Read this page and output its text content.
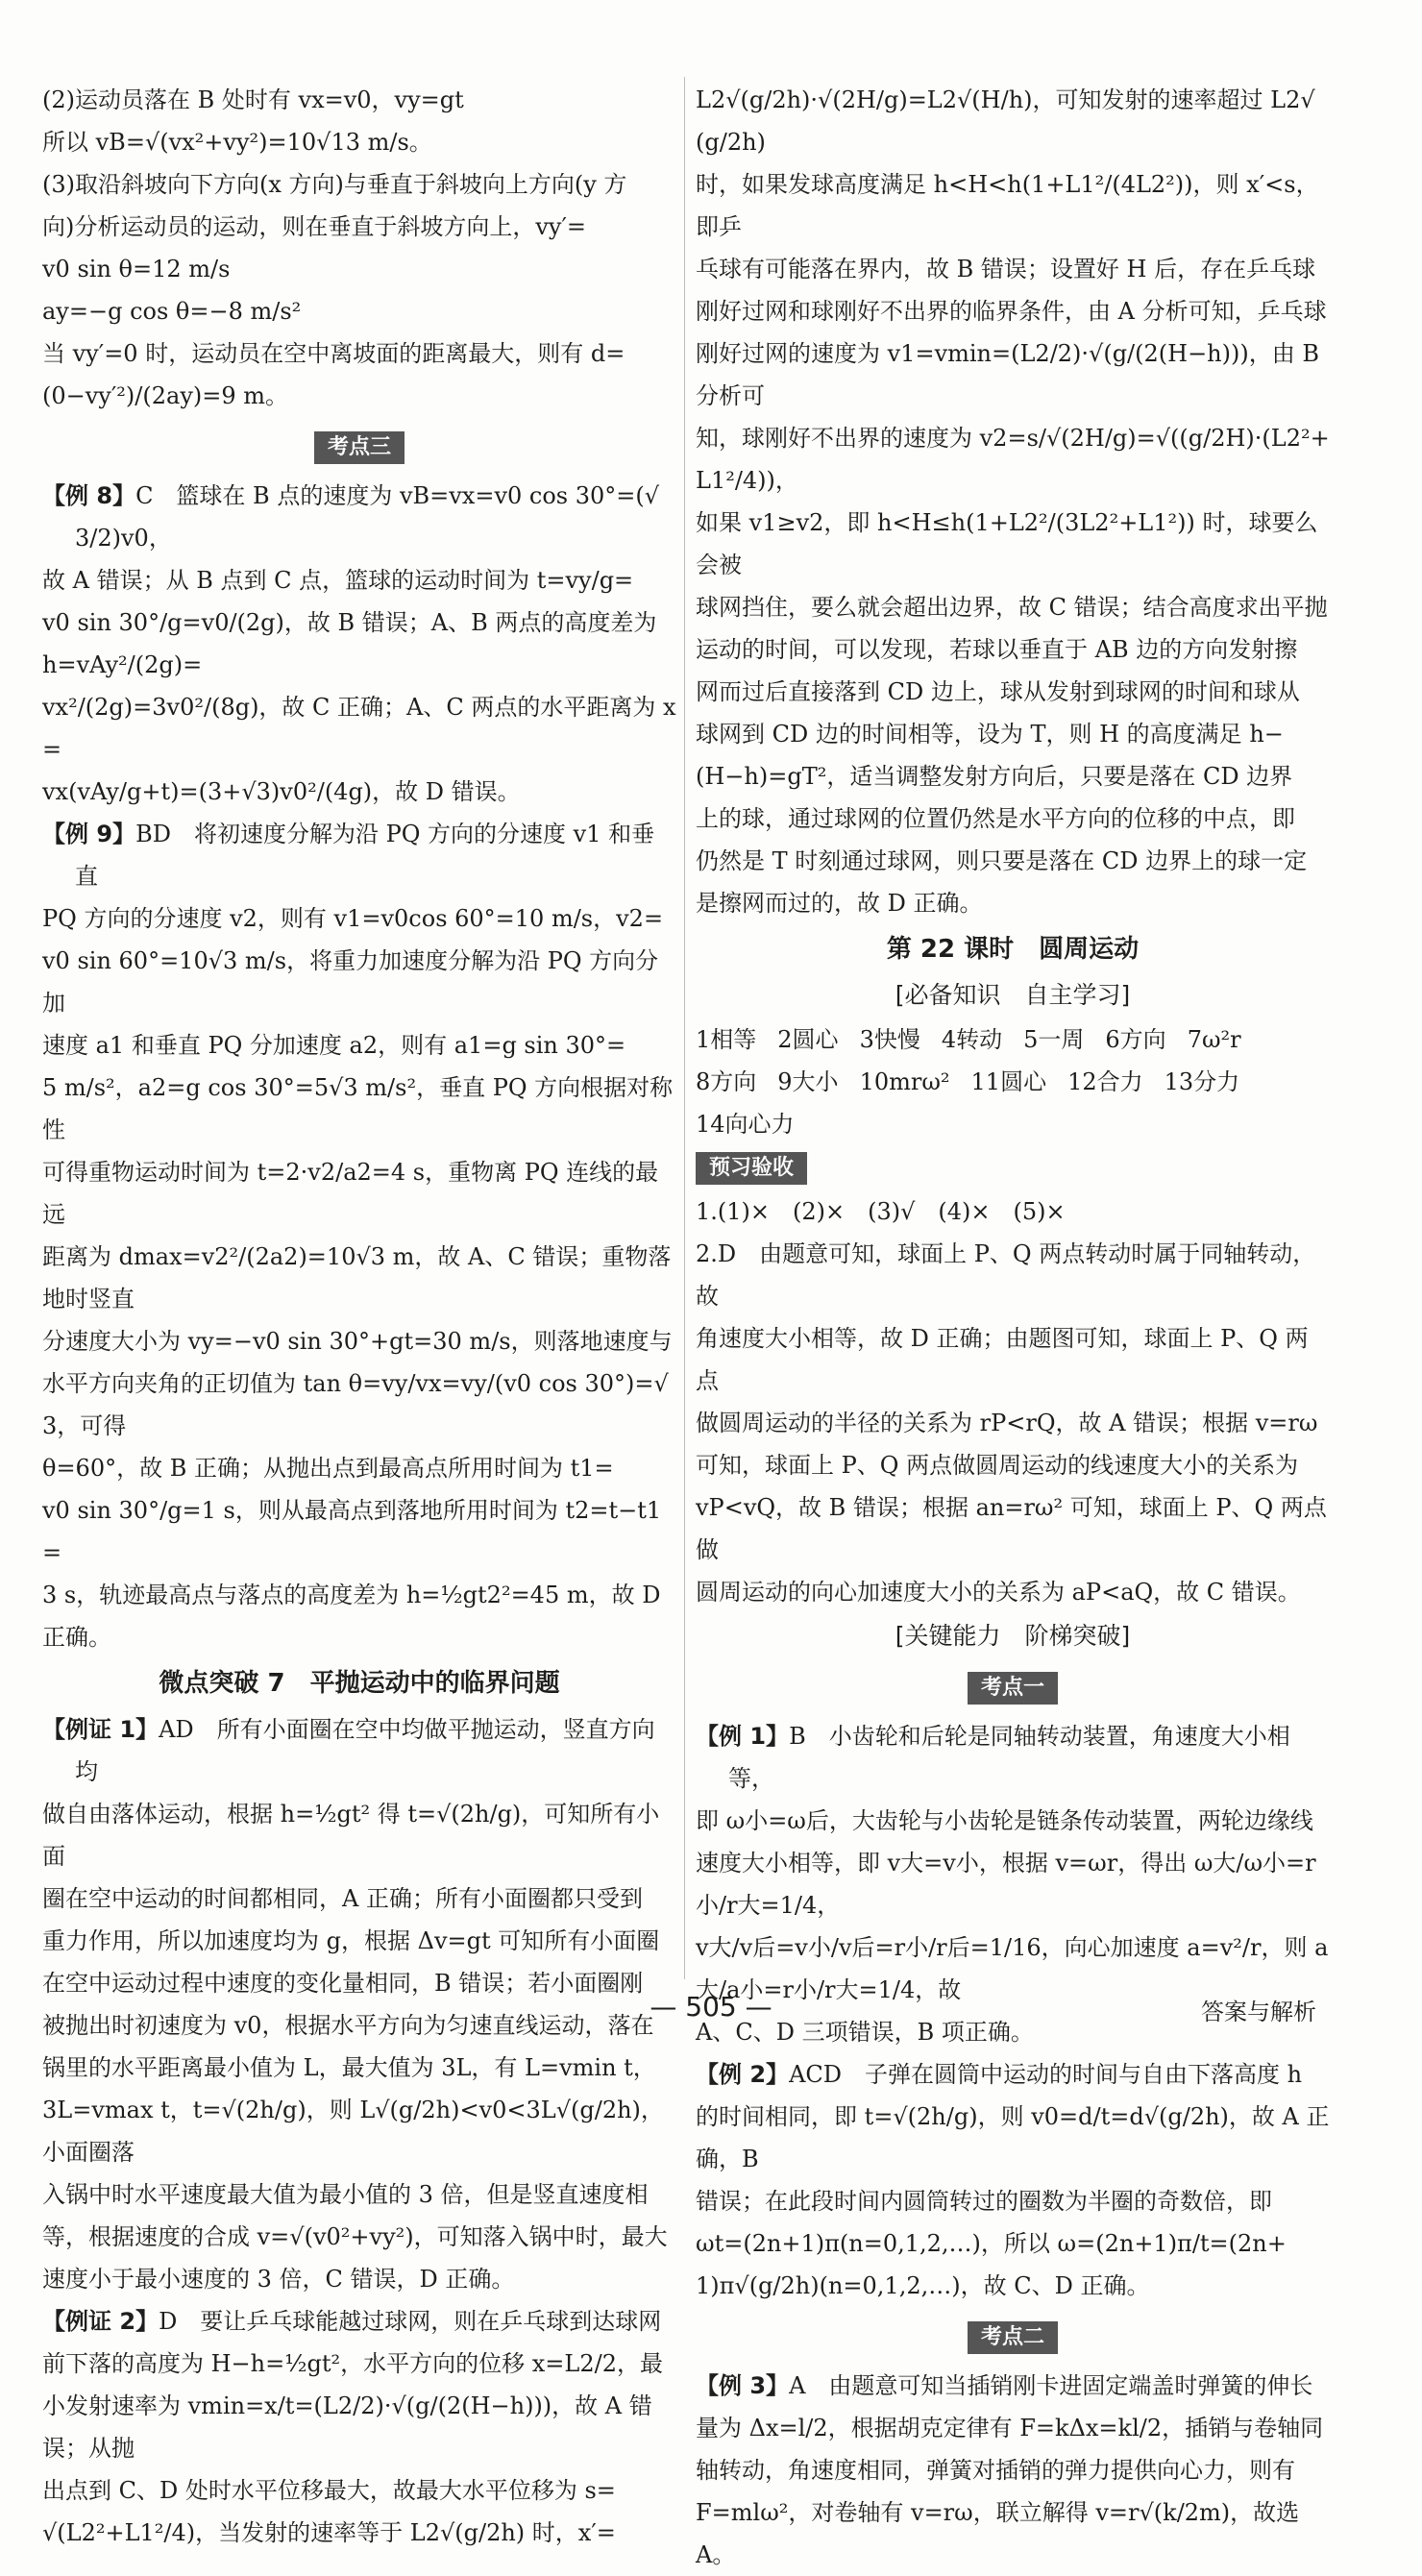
(2)运动员落在 B 处时有 vx=v0，vy=gt

所以 vB=√(vx²+vy²)=10√13 m/s。

(3)取沿斜坡向下方向(x 方向)与垂直于斜坡向上方向(y 方

向)分析运动员的运动，则在垂直于斜坡方向上，vy′=

v0 sin θ=12 m/s

ay=−g cos θ=−8 m/s²

当 vy′=0 时，运动员在空中离坡面的距离最大，则有 d=

(0−vy′²)/(2ay)=9 m。

考点三

【例 8】C　篮球在 B 点的速度为 vB=vx=v0 cos 30°=(√3/2)v0，

故 A 错误；从 B 点到 C 点，篮球的运动时间为 t=vy/g=

v0 sin 30°/g=v0/(2g)，故 B 错误；A、B 两点的高度差为 h=vAy²/(2g)=

vx²/(2g)=3v0²/(8g)，故 C 正确；A、C 两点的水平距离为 x=

vx(vAy/g+t)=(3+√3)v0²/(4g)，故 D 错误。

【例 9】BD　将初速度分解为沿 PQ 方向的分速度 v1 和垂直

PQ 方向的分速度 v2，则有 v1=v0cos 60°=10 m/s，v2=

v0 sin 60°=10√3 m/s，将重力加速度分解为沿 PQ 方向分加

速度 a1 和垂直 PQ 分加速度 a2，则有 a1=g sin 30°=

5 m/s²，a2=g cos 30°=5√3 m/s²，垂直 PQ 方向根据对称性

可得重物运动时间为 t=2·v2/a2=4 s，重物离 PQ 连线的最远

距离为 dmax=v2²/(2a2)=10√3 m，故 A、C 错误；重物落地时竖直

分速度大小为 vy=−v0 sin 30°+gt=30 m/s，则落地速度与

水平方向夹角的正切值为 tan θ=vy/vx=vy/(v0 cos 30°)=√3，可得

θ=60°，故 B 正确；从抛出点到最高点所用时间为 t1=

v0 sin 30°/g=1 s，则从最高点到落地所用时间为 t2=t−t1=

3 s，轨迹最高点与落点的高度差为 h=½gt2²=45 m，故 D

正确。

微点突破 7　平抛运动中的临界问题

【例证 1】AD　所有小面圈在空中均做平抛运动，竖直方向均

做自由落体运动，根据 h=½gt² 得 t=√(2h/g)，可知所有小面

圈在空中运动的时间都相同，A 正确；所有小面圈都只受到

重力作用，所以加速度均为 g，根据 Δv=gt 可知所有小面圈

在空中运动过程中速度的变化量相同，B 错误；若小面圈刚

被抛出时初速度为 v0，根据水平方向为匀速直线运动，落在

锅里的水平距离最小值为 L，最大值为 3L，有 L=vmin t，

3L=vmax t，t=√(2h/g)，则 L√(g/2h)<v0<3L√(g/2h)，小面圈落

入锅中时水平速度最大值为最小值的 3 倍，但是竖直速度相

等，根据速度的合成 v=√(v0²+vy²)，可知落入锅中时，最大

速度小于最小速度的 3 倍，C 错误，D 正确。

【例证 2】D　要让乒乓球能越过球网，则在乒乓球到达球网

前下落的高度为 H−h=½gt²，水平方向的位移 x=L2/2，最

小发射速率为 vmin=x/t=(L2/2)·√(g/(2(H−h)))，故 A 错误；从抛

出点到 C、D 处时水平位移最大，故最大水平位移为 s=

√(L2²+L1²/4)，当发射的速率等于 L2√(g/2h) 时，x′=

L2√(g/2h)·√(2H/g)=L2√(H/h)，可知发射的速率超过 L2√(g/2h)

时，如果发球高度满足 h<H<h(1+L1²/(4L2²))，则 x′<s，即乒

乓球有可能落在界内，故 B 错误；设置好 H 后，存在乒乓球

刚好过网和球刚好不出界的临界条件，由 A 分析可知，乒乓球

刚好过网的速度为 v1=vmin=(L2/2)·√(g/(2(H−h)))，由 B 分析可

知，球刚好不出界的速度为 v2=s/√(2H/g)=√((g/2H)·(L2²+L1²/4))，

如果 v1≥v2，即 h<H≤h(1+L2²/(3L2²+L1²)) 时，球要么会被

球网挡住，要么就会超出边界，故 C 错误；结合高度求出平抛

运动的时间，可以发现，若球以垂直于 AB 边的方向发射擦

网而过后直接落到 CD 边上，球从发射到球网的时间和球从

球网到 CD 边的时间相等，设为 T，则 H 的高度满足 h−

(H−h)=gT²，适当调整发射方向后，只要是落在 CD 边界

上的球，通过球网的位置仍然是水平方向的位移的中点，即

仍然是 T 时刻通过球网，则只要是落在 CD 边界上的球一定

是擦网而过的，故 D 正确。

第 22 课时　圆周运动
[必备知识　自主学习]
1相等 2圆心 3快慢 4转动 5一周 6方向 7ω²r
8方向 9大小 10mrω² 11圆心 12合力 13分力
14向心力
预习验收

1.(1)×　(2)×　(3)√　(4)×　(5)×

2.D　由题意可知，球面上 P、Q 两点转动时属于同轴转动，故

角速度大小相等，故 D 正确；由题图可知，球面上 P、Q 两点

做圆周运动的半径的关系为 rP<rQ，故 A 错误；根据 v=rω

可知，球面上 P、Q 两点做圆周运动的线速度大小的关系为

vP<vQ，故 B 错误；根据 an=rω² 可知，球面上 P、Q 两点做

圆周运动的向心加速度大小的关系为 aP<aQ，故 C 错误。

[关键能力　阶梯突破]
考点一

【例 1】B　小齿轮和后轮是同轴转动装置，角速度大小相等，

即 ω小=ω后，大齿轮与小齿轮是链条传动装置，两轮边缘线

速度大小相等，即 v大=v小，根据 v=ωr，得出 ω大/ω小=r小/r大=1/4，

v大/v后=v小/v后=r小/r后=1/16，向心加速度 a=v²/r，则 a大/a小=r小/r大=1/4，故

A、C、D 三项错误，B 项正确。

【例 2】ACD　子弹在圆筒中运动的时间与自由下落高度 h

的时间相同，即 t=√(2h/g)，则 v0=d/t=d√(g/2h)，故 A 正确，B

错误；在此段时间内圆筒转过的圈数为半圈的奇数倍，即

ωt=(2n+1)π(n=0,1,2,…)，所以 ω=(2n+1)π/t=(2n+

1)π√(g/2h)(n=0,1,2,…)，故 C、D 正确。

考点二

【例 3】A　由题意可知当插销刚卡进固定端盖时弹簧的伸长

量为 Δx=l/2，根据胡克定律有 F=kΔx=kl/2，插销与卷轴同

轴转动，角速度相同，弹簧对插销的弹力提供向心力，则有

F=mlω²，对卷轴有 v=rω，联立解得 v=r√(k/2m)，故选 A。

— 505 —	答案与解析
